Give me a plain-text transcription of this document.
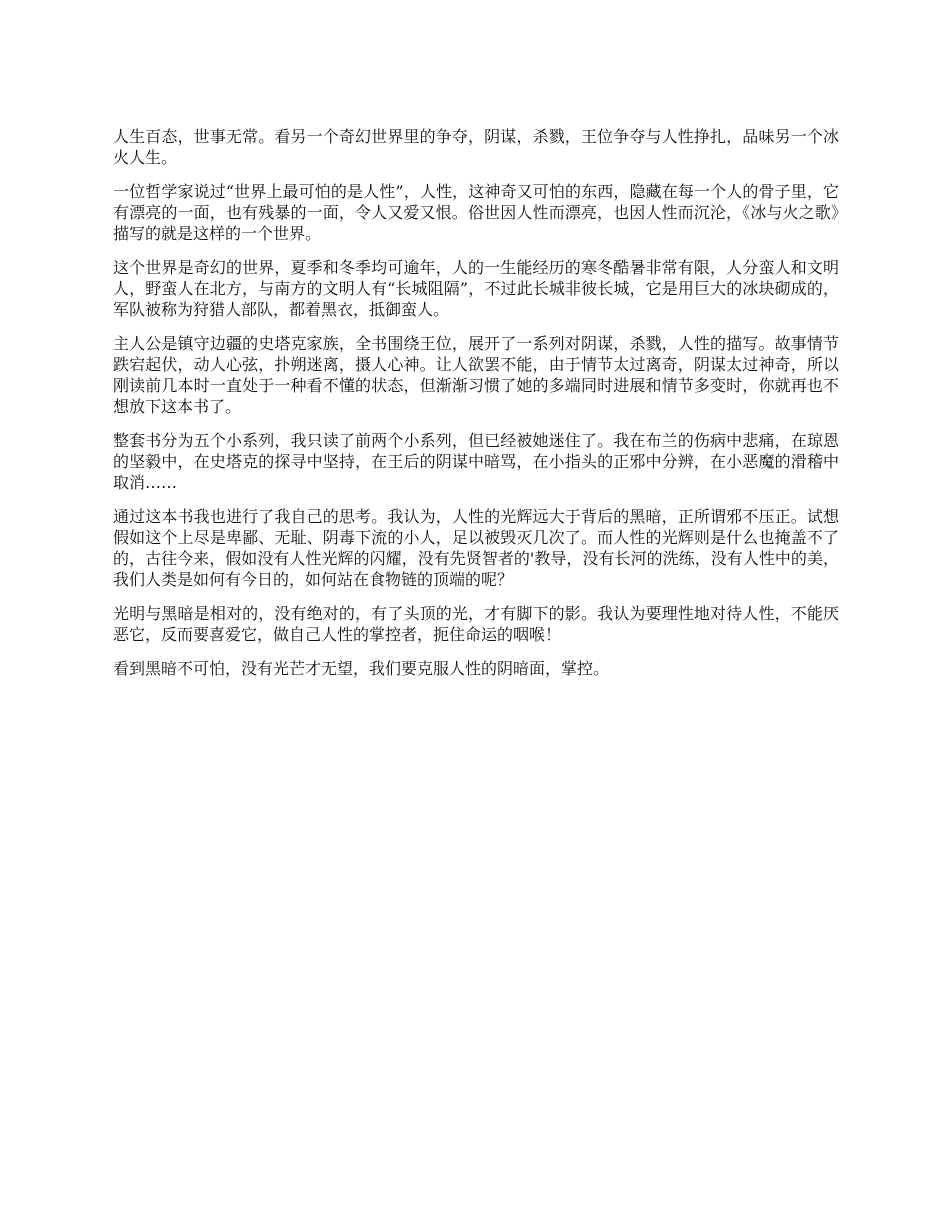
人生百态，世事无常。看另一个奇幻世界里的争夺，阴谋，杀戮，王位争夺与人性挣扎，品味另一个冰火人生。

一位哲学家说过“世界上最可怕的是人性”，人性，这神奇又可怕的东西，隐藏在每一个人的骨子里，它有漂亮的一面，也有残暴的一面，令人又爱又恨。俗世因人性而漂亮，也因人性而沉沦，《冰与火之歌》描写的就是这样的一个世界。

这个世界是奇幻的世界，夏季和冬季均可逾年，人的一生能经历的寒冬酷暑非常有限，人分蛮人和文明人，野蛮人在北方，与南方的文明人有“长城阻隔”，不过此长城非彼长城，它是用巨大的冰块砌成的，军队被称为狩猎人部队，都着黑衣，抵御蛮人。

主人公是镇守边疆的史塔克家族，全书围绕王位，展开了一系列对阴谋，杀戮，人性的描写。故事情节跌宕起伏，动人心弦，扑朔迷离，摄人心神。让人欲罢不能，由于情节太过离奇，阴谋太过神奇，所以刚读前几本时一直处于一种看不懂的状态，但渐渐习惯了她的多端同时进展和情节多变时，你就再也不想放下这本书了。

整套书分为五个小系列，我只读了前两个小系列，但已经被她迷住了。我在布兰的伤病中悲痛，在琼恩的坚毅中，在史塔克的探寻中坚持，在王后的阴谋中暗骂，在小指头的正邪中分辨，在小恶魔的滑稽中取消……

通过这本书我也进行了我自己的思考。我认为，人性的光辉远大于背后的黑暗，正所谓邪不压正。试想假如这个上尽是卑鄙、无耻、阴毒下流的小人，足以被毁灭几次了。而人性的光辉则是什么也掩盖不了的，古往今来，假如没有人性光辉的闪耀，没有先贤智者的'教导，没有长河的洗练，没有人性中的美，我们人类是如何有今日的，如何站在食物链的顶端的呢？

光明与黑暗是相对的，没有绝对的，有了头顶的光，才有脚下的影。我认为要理性地对待人性，不能厌恶它，反而要喜爱它，做自己人性的掌控者，扼住命运的咽喉！

看到黑暗不可怕，没有光芒才无望，我们要克服人性的阴暗面，掌控。
